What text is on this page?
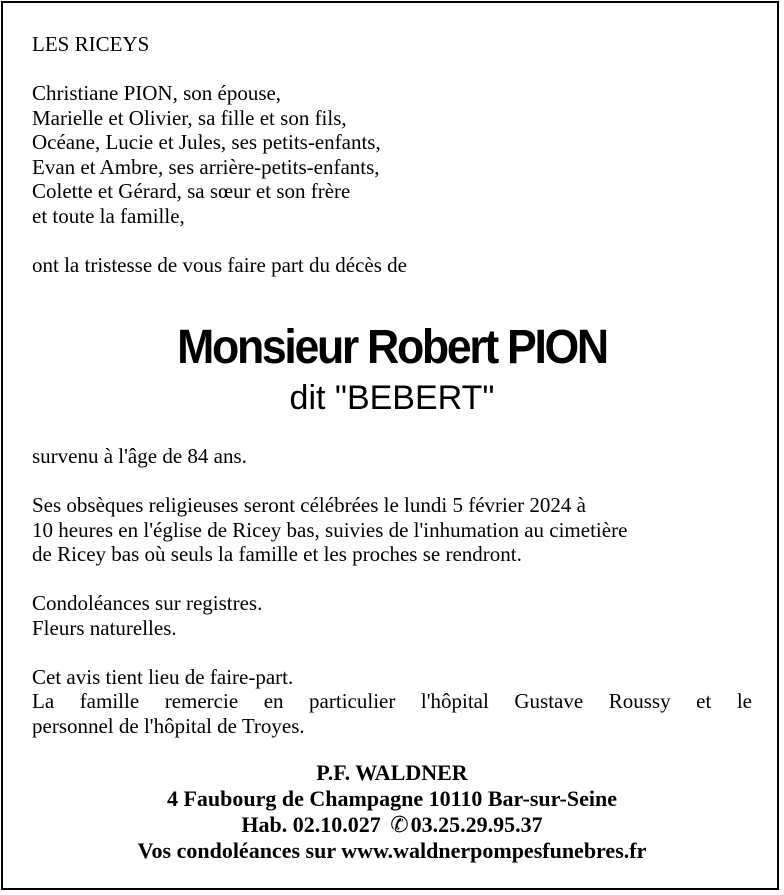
LES RICEYS
Christiane PION, son épouse,
Marielle et Olivier, sa fille et son fils,
Océane, Lucie et Jules, ses petits-enfants,
Evan et Ambre, ses arrière-petits-enfants,
Colette et Gérard, sa sœur et son frère
et toute la famille,
ont la tristesse de vous faire part du décès de
Monsieur Robert PION
dit "BEBERT"
survenu à l'âge de 84 ans.
Ses obsèques religieuses seront célébrées le lundi 5 février 2024 à
10 heures en l'église de Ricey bas, suivies de l'inhumation au cimetière
de Ricey bas où seuls la famille et les proches se rendront.
Condoléances sur registres.
Fleurs naturelles.
Cet avis tient lieu de faire-part.
La famille remercie en particulier l'hôpital Gustave Roussy et le
personnel de l'hôpital de Troyes.
P.F. WALDNER
4 Faubourg de Champagne 10110 Bar-sur-Seine
Hab. 02.10.027 ✆03.25.29.95.37
Vos condoléances sur www.waldnerpompesfunebres.fr
